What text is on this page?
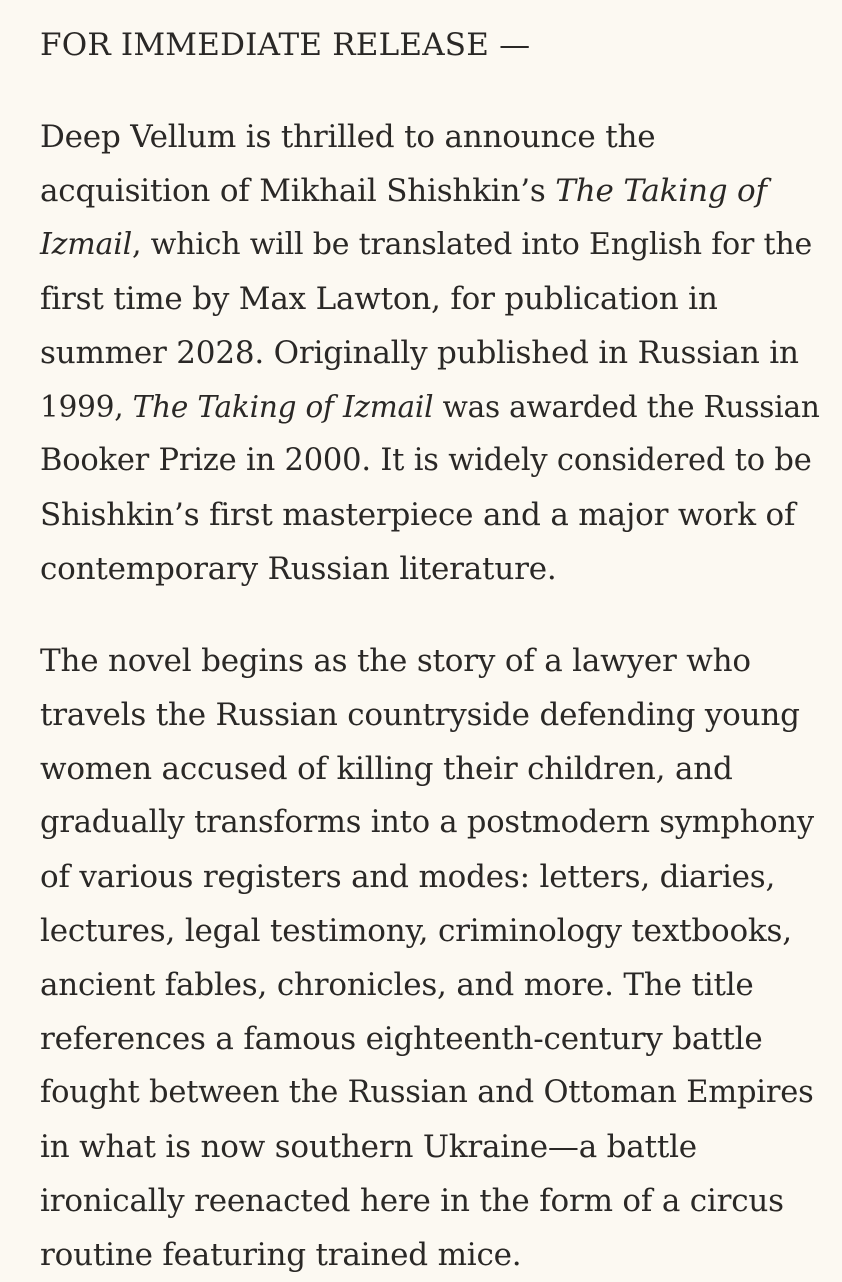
FOR IMMEDIATE RELEASE —
Deep Vellum is thrilled to announce the
acquisition of Mikhail Shishkin’s The Taking of
Izmail, which will be translated into English for the
first time by Max Lawton, for publication in
summer 2028. Originally published in Russian in
1999, The Taking of Izmail was awarded the Russian
Booker Prize in 2000. It is widely considered to be
Shishkin’s first masterpiece and a major work of
contemporary Russian literature.
The novel begins as the story of a lawyer who
travels the Russian countryside defending young
women accused of killing their children, and
gradually transforms into a postmodern symphony
of various registers and modes: letters, diaries,
lectures, legal testimony, criminology textbooks,
ancient fables, chronicles, and more. The title
references a famous eighteenth-century battle
fought between the Russian and Ottoman Empires
in what is now southern Ukraine—a battle
ironically reenacted here in the form of a circus
routine featuring trained mice.
